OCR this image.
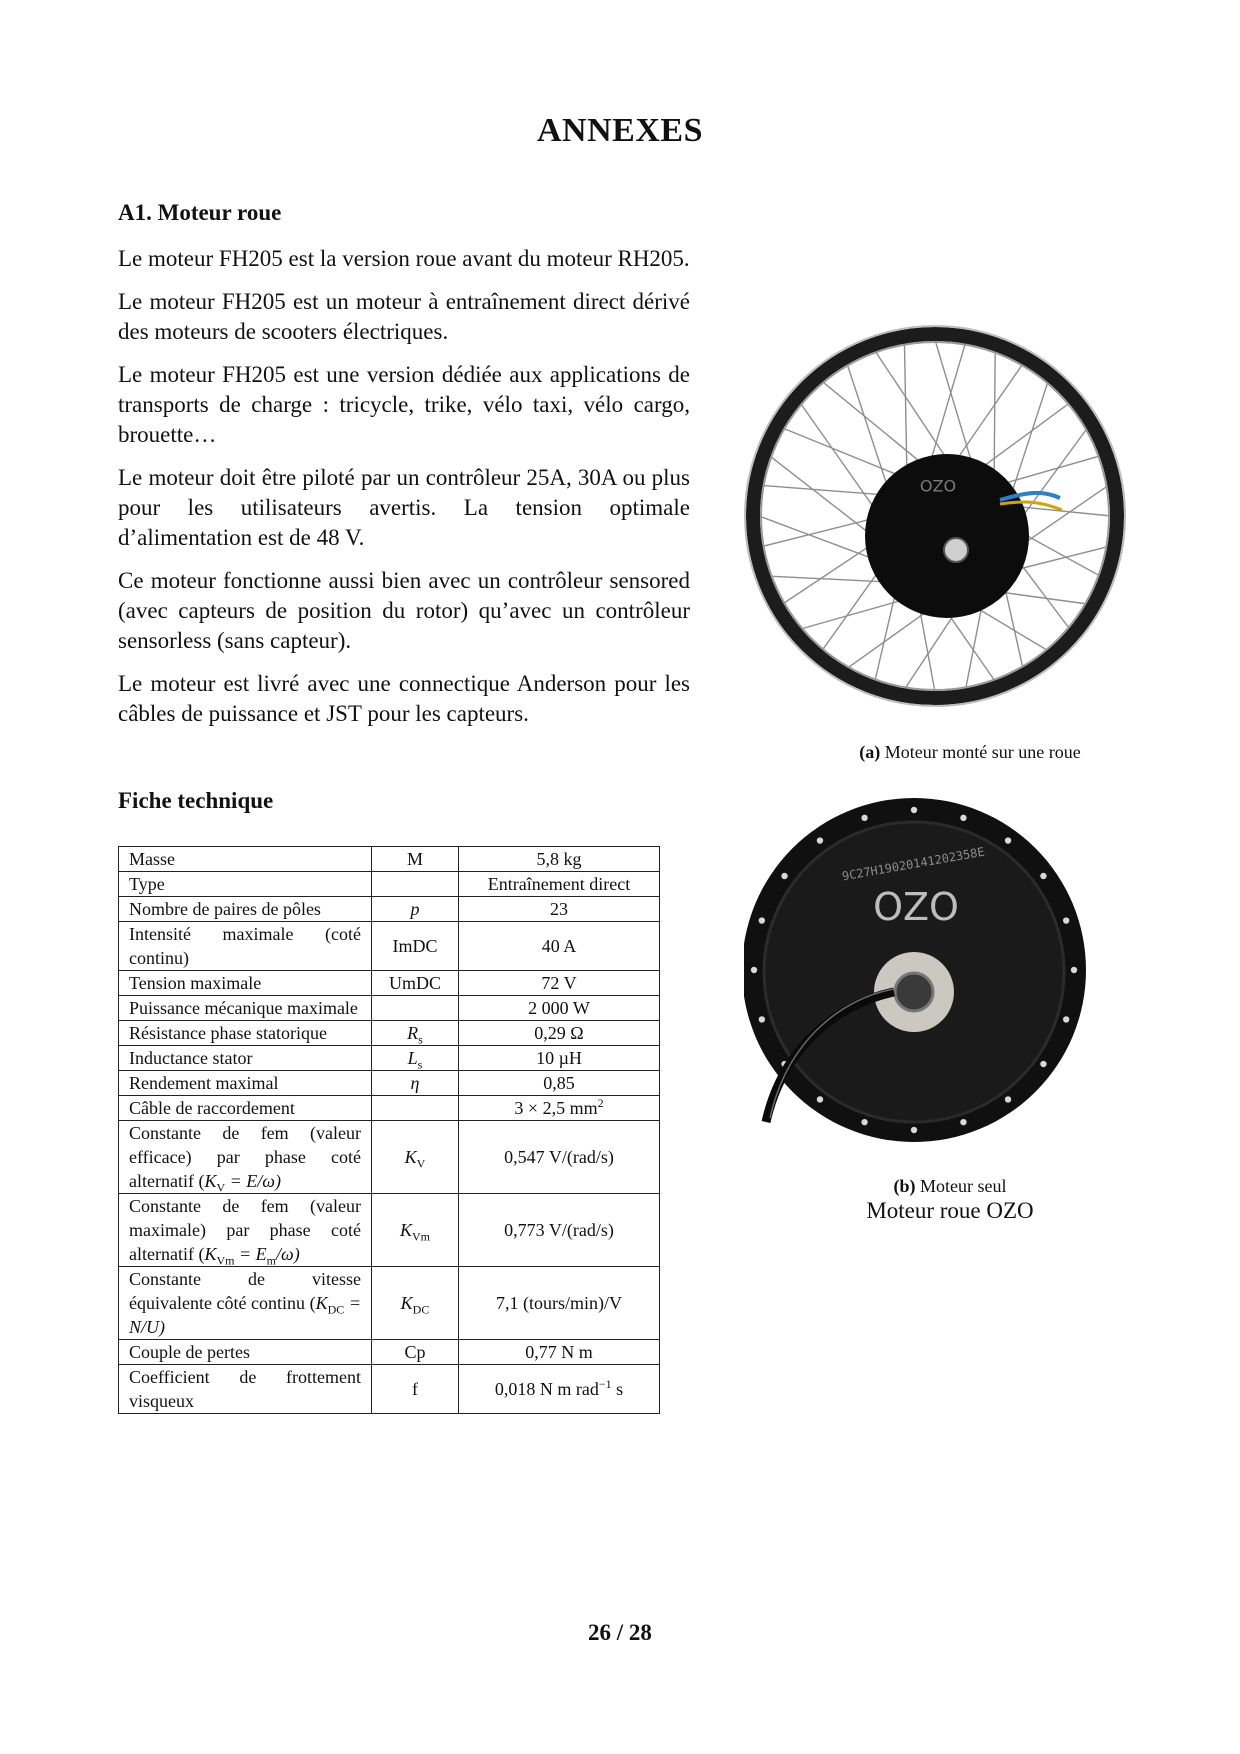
ANNEXES
A1. Moteur roue

Le moteur FH205 est la version roue avant du moteur RH205.

Le moteur FH205 est un moteur à entraînement direct dérivé des moteurs de scooters électriques.

Le moteur FH205 est une version dédiée aux applications de transports de charge : tricycle, trike, vélo taxi, vélo cargo, brouette…

Le moteur doit être piloté par un contrôleur 25A, 30A ou plus pour les utilisateurs avertis. La tension optimale d’alimentation est de 48 V.

Ce moteur fonctionne aussi bien avec un contrôleur sensored (avec capteurs de position du rotor) qu’avec un contrôleur sensorless (sans capteur).

Le moteur est livré avec une connectique Anderson pour les câbles de puissance et JST pour les capteurs.

Fiche technique
Masse	M	5,8 kg
Type		Entraînement direct
Nombre de paires de pôles	p	23
Intensité maximale (coté continu)	ImDC	40 A
Tension maximale	UmDC	72 V
Puissance mécanique maximale		2 000 W
Résistance phase statorique	$R_s$	0,29 Ω
Inductance stator	$L_s$	10 µH
Rendement maximal	η	0,85
Câble de raccordement		3 × 2,5 $mm^2$
Constante de fem (valeur efficace) par phase coté alternatif $(K_V = E/\omega)$	$K_V$	0,547 V/(rad/s)
Constante de fem (valeur maximale) par phase coté alternatif $(K_{Vm} = E_m/\omega)$	$K_{Vm}$	0,773 V/(rad/s)
Constante de vitesse équivalente côté continu $(K_{DC} = N/U)$	$K_{DC}$	7,1 (tours/min)/V
Couple de pertes	Cp	0,77 N m
Coefficient de frottement visqueux	f	0,018 N m rad$^{-1}$ s
OZO
(a) Moteur monté sur une roue
9C27H19020141202358E
OZO
(b) Moteur seul
Moteur roue OZO
26 / 28
